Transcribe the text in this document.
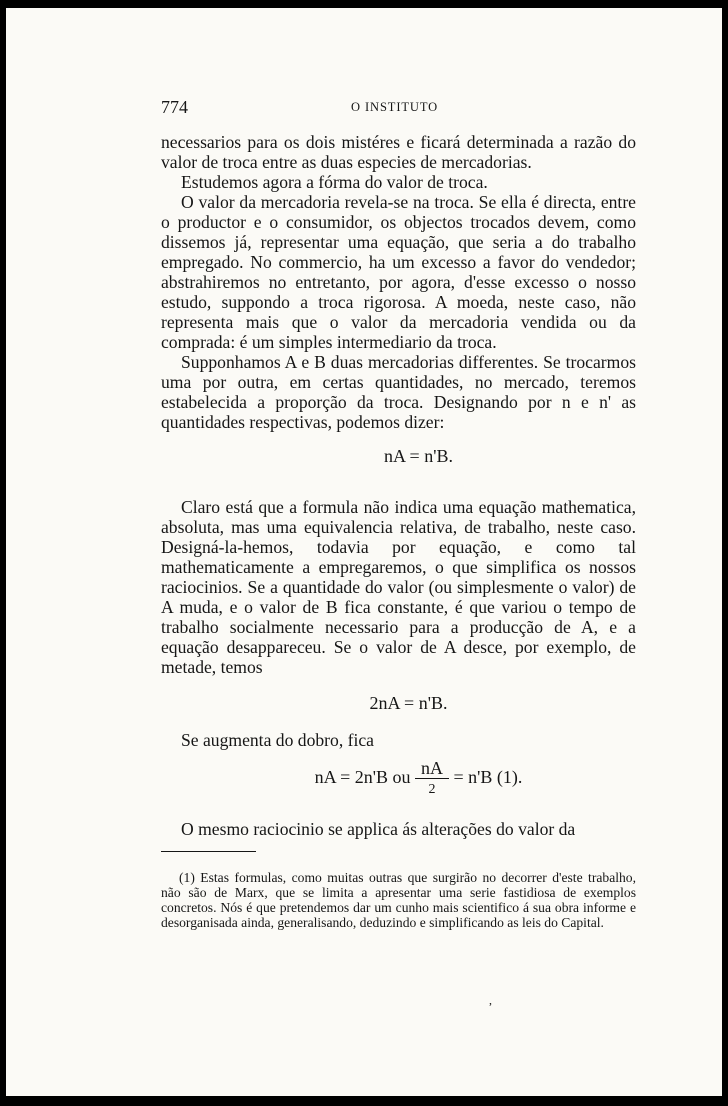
774	O INSTITUTO

necessarios para os dois mistéres e ficará determinada a razão do valor de troca entre as duas especies de mercadorias.

Estudemos agora a fórma do valor de troca.

O valor da mercadoria revela-se na troca. Se ella é directa, entre o productor e o consumidor, os objectos trocados devem, como dissemos já, representar uma equação, que seria a do trabalho empregado. No commercio, ha um excesso a favor do vendedor; abstrahiremos no entretanto, por agora, d'esse excesso o nosso estudo, suppondo a troca rigorosa. A moeda, neste caso, não representa mais que o valor da mercadoria vendida ou da comprada: é um simples intermediario da troca.

Supponhamos A e B duas mercadorias differentes. Se trocarmos uma por outra, em certas quantidades, no mercado, teremos estabelecida a proporção da troca. Designando por n e n' as quantidades respectivas, podemos dizer:

nA = n'B.

Claro está que a formula não indica uma equação mathematica, absoluta, mas uma equivalencia relativa, de trabalho, neste caso. Designá-la-hemos, todavia por equação, e como tal mathematicamente a empregaremos, o que simplifica os nossos raciocinios. Se a quantidade do valor (ou simplesmente o valor) de A muda, e o valor de B fica constante, é que variou o tempo de trabalho socialmente necessario para a producção de A, e a equação desappareceu. Se o valor de A desce, por exemplo, de metade, temos

2nA = n'B.

Se augmenta do dobro, fica

nA = 2n'B ou $\frac{nA}{2} = n'B$ (1).

O mesmo raciocinio se applica ás alterações do valor da

(1) Estas formulas, como muitas outras que surgirão no decorrer d'este trabalho, não são de Marx, que se limita a apresentar uma serie fastidiosa de exemplos concretos. Nós é que pretendemos dar um cunho mais scientifico á sua obra informe e desorganisada ainda, generalisando, deduzindo e simplificando as leis do Capital.
,
